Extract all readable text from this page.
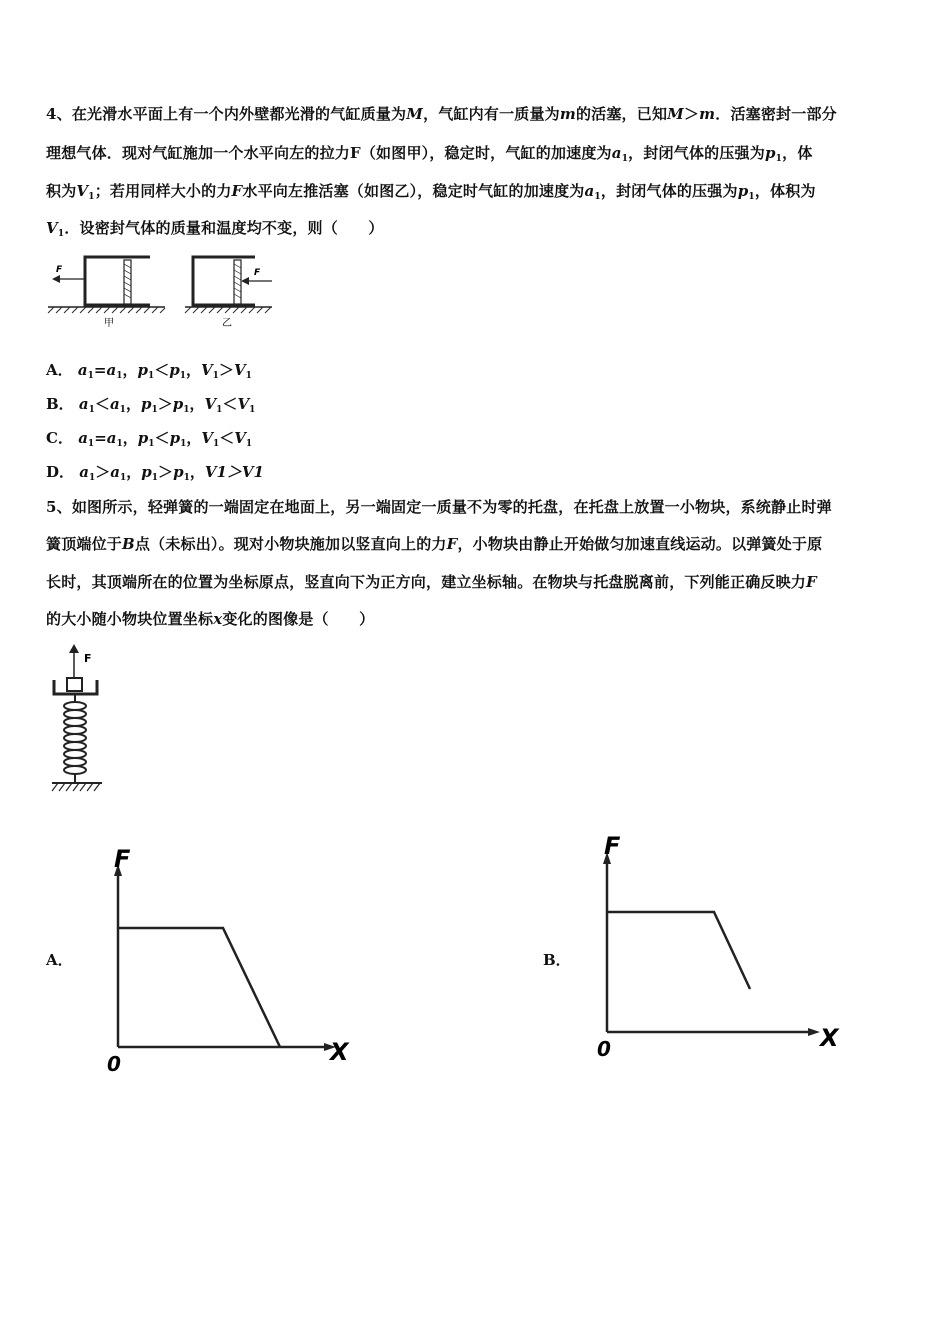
4、在光滑水平面上有一个内外壁都光滑的气缸质量为M，气缸内有一质量为m的活塞，已知M＞m．活塞密封一部分
理想气体．现对气缸施加一个水平向左的拉力F（如图甲），稳定时，气缸的加速度为$a_1$，封闭气体的压强为$p_1$，体
积为$V_1$；若用同样大小的力F水平向左推活塞（如图乙），稳定时气缸的加速度为$a_1$，封闭气体的压强为$p_1$，体积为
$V_1$．设密封气体的质量和温度均不变，则（　　）
F
甲
F
乙
A． $a_1=a_1$，$p_1<p_1$，$V_1>V_1$
B． $a_1<a_1$，$p_1>p_1$，$V_1<V_1$
C． $a_1=a_1$，$p_1<p_1$，$V_1<V_1$
D． $a_1>a_1$，$p_1>p_1$，V1＞V1
5、如图所示，轻弹簧的一端固定在地面上，另一端固定一质量不为零的托盘，在托盘上放置一小物块，系统静止时弹
簧顶端位于B点（未标出）。现对小物块施加以竖直向上的力F，小物块由静止开始做匀加速直线运动。以弹簧处于原
长时，其顶端所在的位置为坐标原点，竖直向下为正方向，建立坐标轴。在物块与托盘脱离前，下列能正确反映力F
的大小随小物块位置坐标x变化的图像是（　　）
F
A．
F
X
0
B．
F
X
0
